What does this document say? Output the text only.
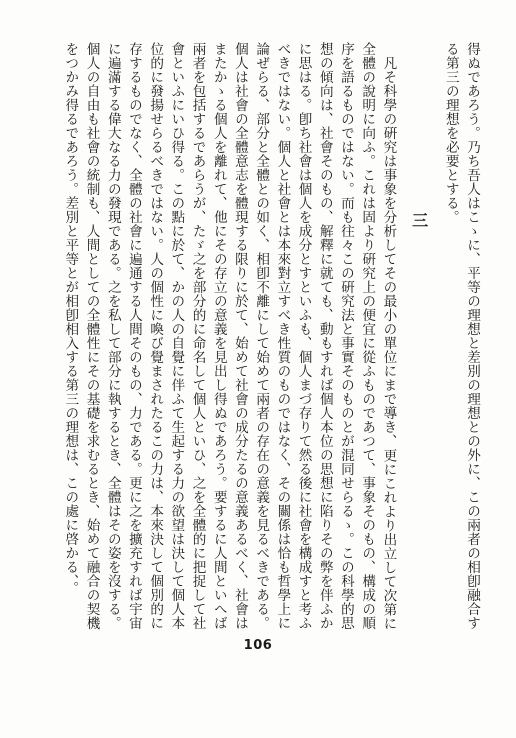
得ぬであろう。乃ち吾人はこゝに、平等の理想と差別の理想との外に、この兩者の相卽融合する第三の理想を必要とする。

三

凡そ科學の硏究は事象を分析してその最小の單位にまで導き、更にこれより出立して次第に全體の說明に向ふ。これは固より硏究上の便宜に從ふものであつて、事象そのもの、構成の順序を語るものではない。而も往々この硏究法と事實そのものとが混同せらるゝ。この科學的思想の傾向は、社會そのもの、解釋に就ても、動もすれば個人本位の思想に陷りその弊を伴ふかに思はる。卽ち社會は個人を成分とすといふも、個人まづ存りて然る後に社會を構成すと考ふべきではない。個人と社會とは本來對立すべき性質のものではなく、その關係は恰も哲學上に論ぜらる、部分と全體との如く、相卽不離にして始めて兩者の存在の意義を見るべきである。個人は社會の全體意志を體現する限りに於て、始めて社會の成分たるの意義あるべく、社會はまたかゝる個人を離れて、他にその存立の意義を見出し得ぬであろう。要するに人間といへば兩者を包括するであらうが、たゞ之を部分的に命名して個人といひ、之を全體的に把捉して社會といふにいひ得る。この點に於て、かの人の自覺に伴ふて生起する力の欲望は決して個人本位的に發揚せらるべきではない。人の個性に喚び覺まされたるこの力は、本來決して個別的に存するものでなく、全體の社會に遍通する人間そのもの、力である。更に之を擴充すれば宇宙に遍滿する偉大なる力の發現である。之を私して部分に執するとき、全體はその姿を沒する。個人の自由も社會の統制も、人間としての全體性にその基礎を求むるとき、始めて融合の契機をつかみ得るであろう。差別と平等とが相卽相入する第三の理想は、この處に啓かる、。

106
